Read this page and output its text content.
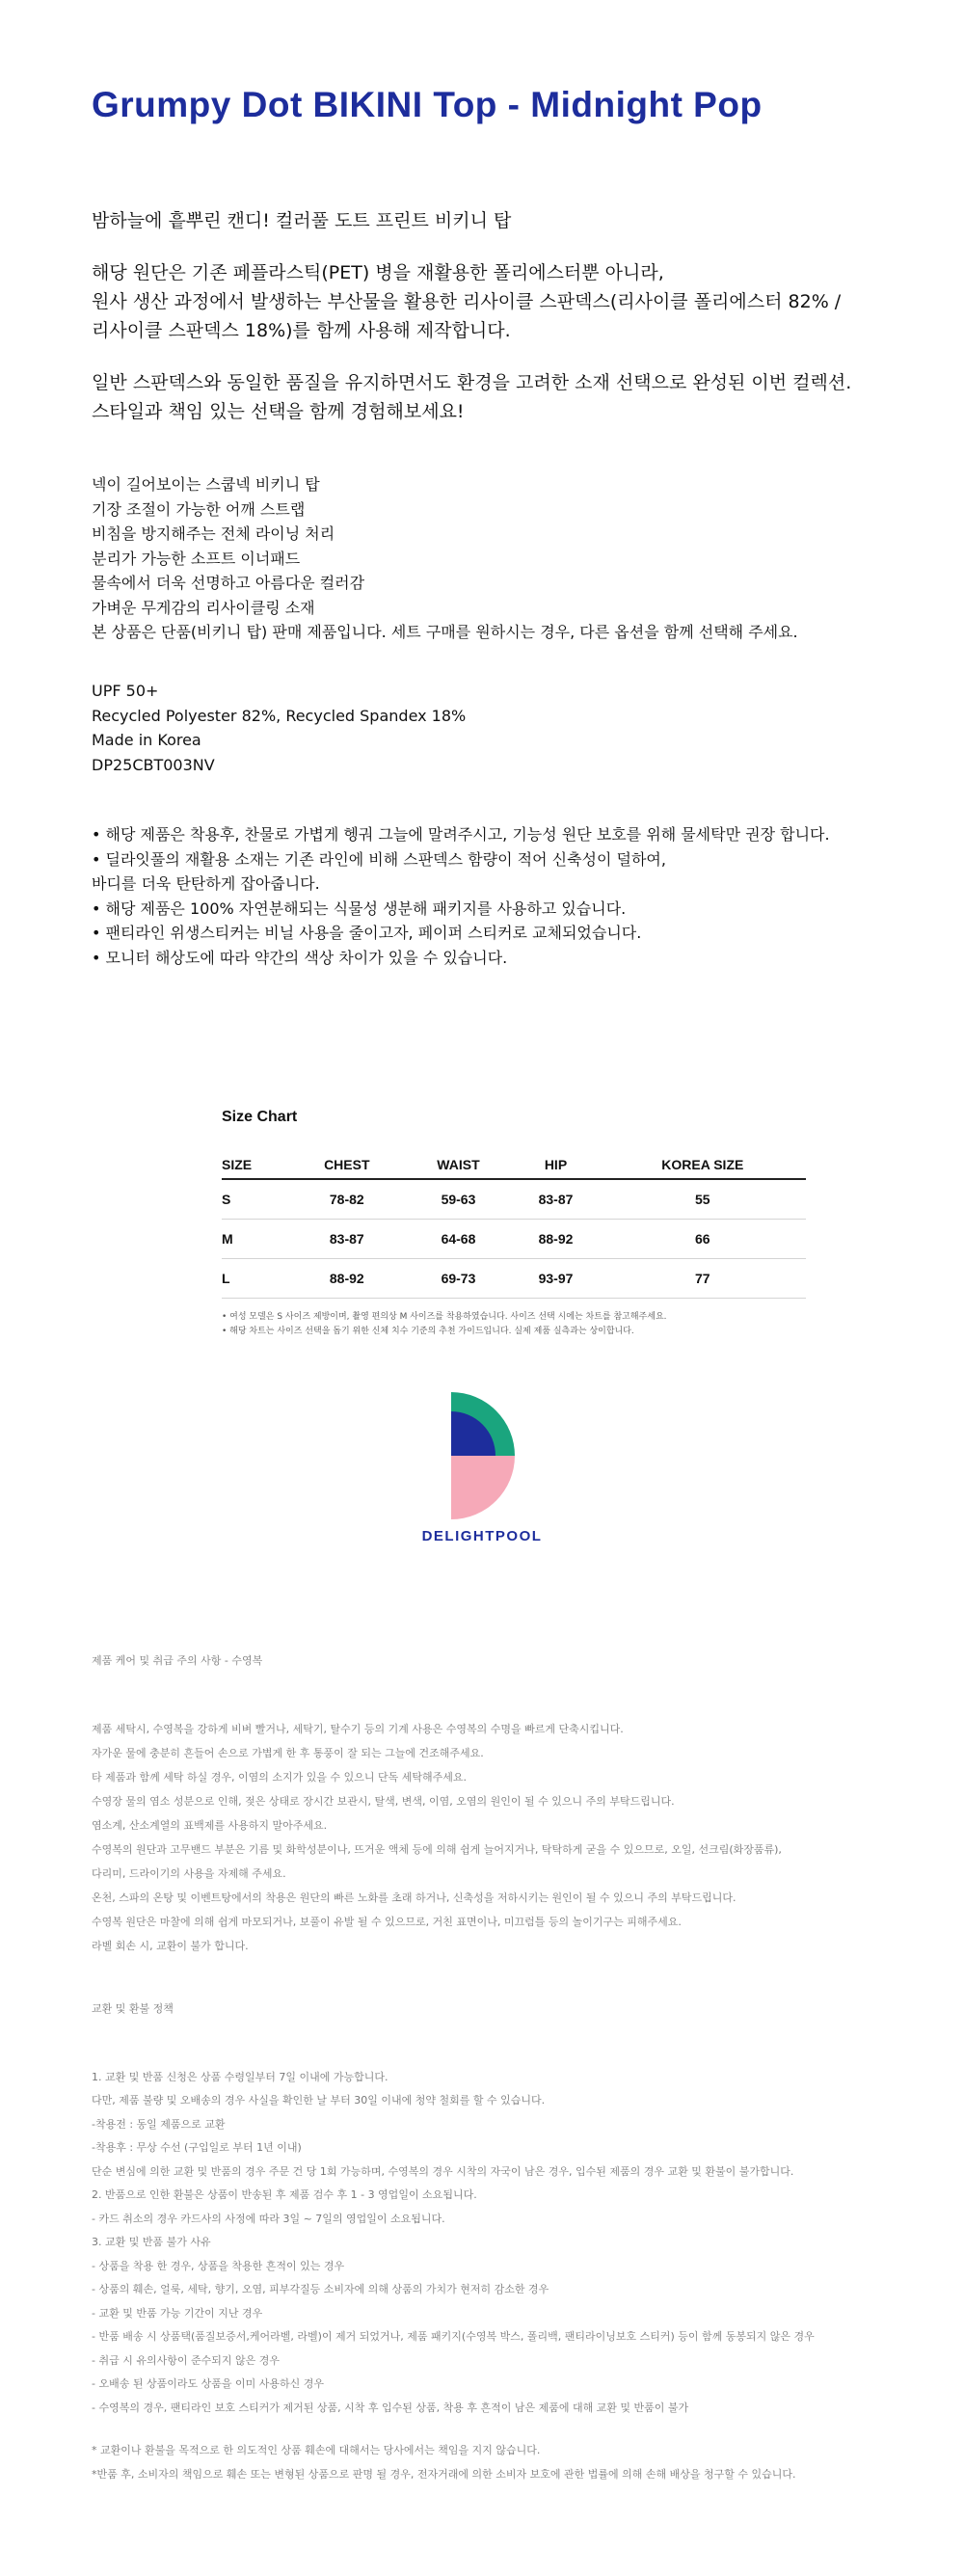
Grumpy Dot BIKINI Top - Midnight Pop

밤하늘에 흩뿌린 캔디! 컬러풀 도트 프린트 비키니 탑

해당 원단은 기존 페플라스틱(PET) 병을 재활용한 폴리에스터뿐 아니라,

원사 생산 과정에서 발생하는 부산물을 활용한 리사이클 스판덱스(리사이클 폴리에스터 82% /

리사이클 스판덱스 18%)를 함께 사용해 제작합니다.

일반 스판덱스와 동일한 품질을 유지하면서도 환경을 고려한 소재 선택으로 완성된 이번 컬렉션.

스타일과 책임 있는 선택을 함께 경험해보세요!

넥이 길어보이는 스쿱넥 비키니 탑
기장 조절이 가능한 어깨 스트랩
비침을 방지해주는 전체 라이닝 처리
분리가 가능한 소프트 이너패드
물속에서 더욱 선명하고 아름다운 컬러감
가벼운 무게감의 리사이클링 소재
본 상품은 단품(비키니 탑) 판매 제품입니다. 세트 구매를 원하시는 경우, 다른 옵션을 함께 선택해 주세요.
UPF 50+
Recycled Polyester 82%, Recycled Spandex 18%
Made in Korea
DP25CBT003NV
• 해당 제품은 착용후, 찬물로 가볍게 헹궈 그늘에 말려주시고, 기능성 원단 보호를 위해 물세탁만 권장 합니다.
• 딜라잇풀의 재활용 소재는 기존 라인에 비해 스판덱스 함량이 적어 신축성이 덜하여,
바디를 더욱 탄탄하게 잡아줍니다.
• 해당 제품은 100% 자연분해되는 식물성 생분해 패키지를 사용하고 있습니다.
• 팬티라인 위생스티커는 비닐 사용을 줄이고자, 페이퍼 스티커로 교체되었습니다.
• 모니터 해상도에 따라 약간의 색상 차이가 있을 수 있습니다.
Size Chart
SIZE	CHEST	WAIST	HIP	KOREA SIZE
S	78-82	59-63	83-87	55
M	83-87	64-68	88-92	66
L	88-92	69-73	93-97	77
• 여성 모델은 S 사이즈 제방이며, 촬영 편의상 M 사이즈를 착용하였습니다. 사이즈 선택 시에는 차트를 참고해주세요.
• 해당 차트는 사이즈 선택을 돕기 위한 신체 치수 기준의 추천 가이드입니다. 실제 제품 실측과는 상이합니다.
DELIGHTPOOL
제품 케어 및 취급 주의 사항 - 수영복
제품 세탁시, 수영복을 강하게 비벼 빨거나, 세탁기, 탈수기 등의 기계 사용은 수영복의 수명을 빠르게 단축시킵니다.
자가운 물에 충분히 흔들어 손으로 가볍게 한 후 통풍이 잘 되는 그늘에 건조해주세요.
타 제품과 함께 세탁 하실 경우, 이염의 소지가 있을 수 있으니 단독 세탁해주세요.
수영장 물의 염소 성분으로 인해, 젖은 상태로 장시간 보관시, 탈색, 변색, 이염, 오염의 원인이 될 수 있으니 주의 부탁드립니다.
염소계, 산소계열의 표백제를 사용하지 말아주세요.
수영복의 원단과 고무밴드 부분은 기름 및 화학성분이나, 뜨거운 액체 등에 의해 쉽게 늘어지거나, 탁탁하게 굳을 수 있으므로, 오일, 선크림(화장품류),
다리미, 드라이기의 사용을 자제해 주세요.
온천, 스파의 온탕 및 이벤트탕에서의 착용은 원단의 빠른 노화를 초래 하거나, 신축성을 저하시키는 원인이 될 수 있으니 주의 부탁드립니다.
수영복 원단은 마찰에 의해 쉽게 마모되거나, 보풀이 유발 될 수 있으므로, 거친 표면이나, 미끄럼틀 등의 놀이기구는 피해주세요.
라벨 회손 시, 교환이 불가 합니다.
교환 및 환불 정책
1. 교환 및 반품 신청은 상품 수령일부터 7일 이내에 가능합니다.
다만, 제품 불량 및 오배송의 경우 사실을 확인한 날 부터 30일 이내에 청약 철회를 할 수 있습니다.
-착용전 : 동일 제품으로 교환
-착용후 : 무상 수선 (구입일로 부터 1년 이내)
단순 변심에 의한 교환 및 반품의 경우 주문 건 당 1회 가능하며, 수영복의 경우 시착의 자국이 남은 경우, 입수된 제품의 경우 교환 및 환불이 불가합니다.
2. 반품으로 인한 환불은 상품이 반송된 후 제품 검수 후 1 - 3 영업일이 소요됩니다.
- 카드 취소의 경우 카드사의 사정에 따라 3일 ~ 7일의 영업일이 소요됩니다.
3. 교환 및 반품 불가 사유
- 상품을 착용 한 경우, 상품을 착용한 흔적이 있는 경우
- 상품의 훼손, 얼룩, 세탁, 향기, 오염, 피부각질등 소비자에 의해 상품의 가치가 현저히 감소한 경우
- 교환 및 반품 가능 기간이 지난 경우
- 반품 배송 시 상품택(품질보증서,케어라벨, 라벨)이 제거 되었거나, 제품 패키지(수영복 박스, 폴리백, 팬티라이닝보호 스티커) 등이 함께 동봉되지 않은 경우
- 취급 시 유의사항이 준수되지 않은 경우
- 오배송 된 상품이라도 상품을 이미 사용하신 경우
- 수영복의 경우, 팬티라인 보호 스티커가 제거된 상품, 시착 후 입수된 상품, 착용 후 흔적이 남은 제품에 대해 교환 및 반품이 불가
* 교환이나 환불을 목적으로 한 의도적인 상품 훼손에 대해서는 당사에서는 책임을 지지 않습니다.
*반품 후, 소비자의 책임으로 훼손 또는 변형된 상품으로 판명 될 경우, 전자거래에 의한 소비자 보호에 관한 법률에 의해 손해 배상을 청구할 수 있습니다.
